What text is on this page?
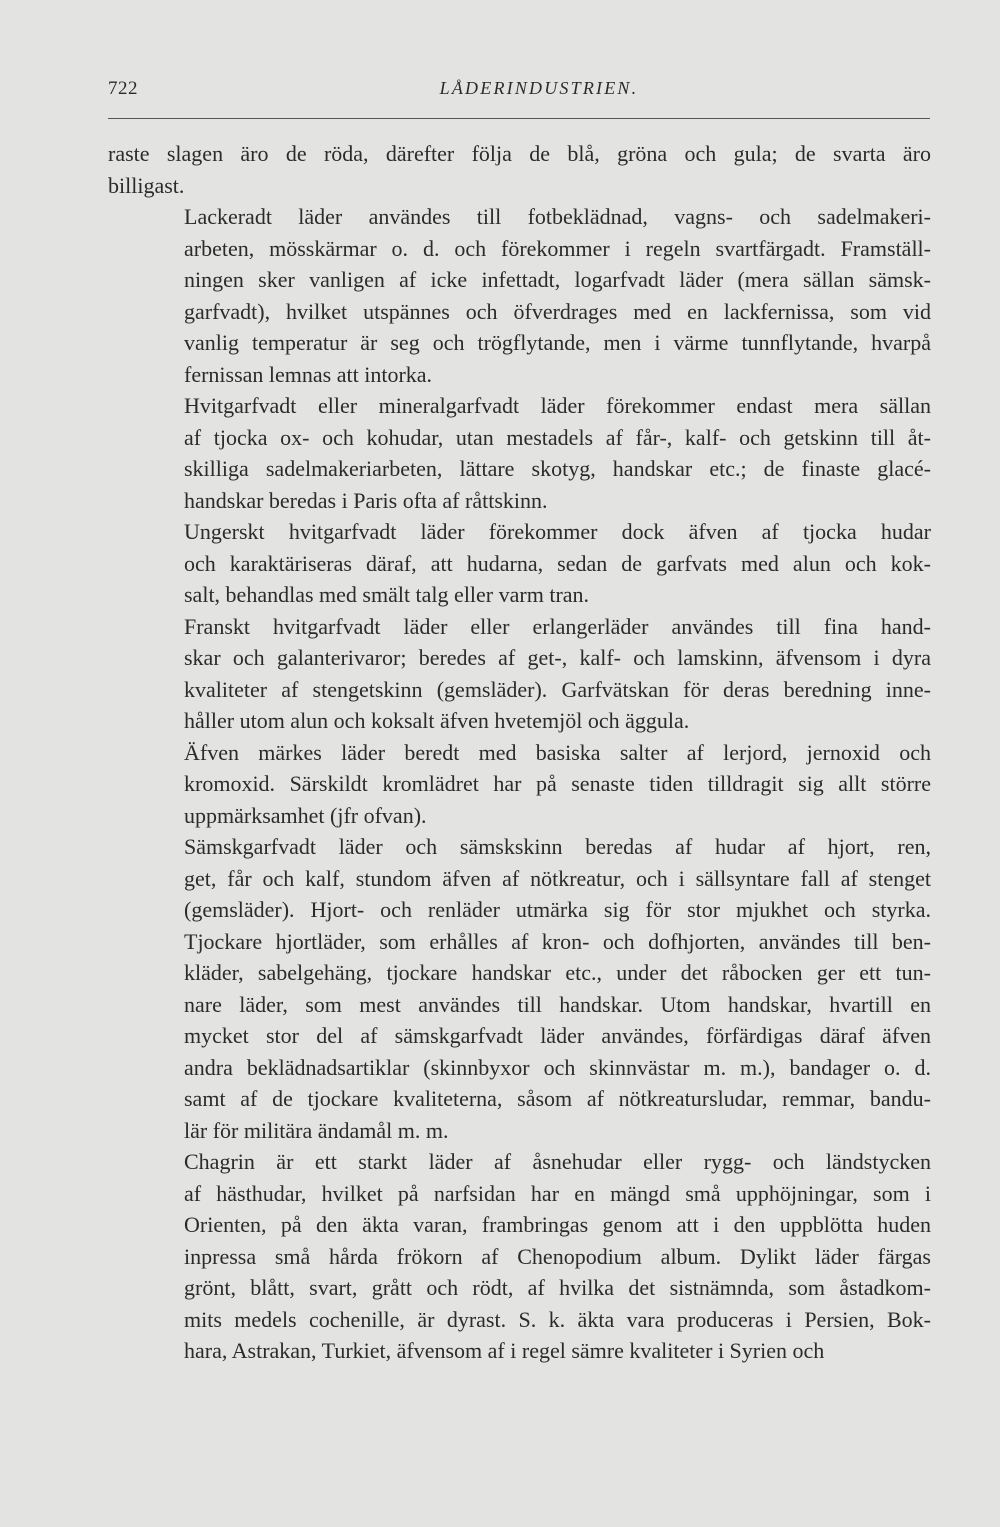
722	LÅDERINDUSTRIEN.

raste slagen äro de röda, därefter följa de blå, gröna och gula; de svarta äro
billigast.

Lackeradt läder användes till fotbeklädnad, vagns- och sadelmakeri-
arbeten, mösskärmar o. d. och förekommer i regeln svartfärgadt. Framställ-
ningen sker vanligen af icke infettadt, logarfvadt läder (mera sällan sämsk-
garfvadt), hvilket utspännes och öfverdrages med en lackfernissa, som vid
vanlig temperatur är seg och trögflytande, men i värme tunnflytande, hvarpå
fernissan lemnas att intorka.

Hvitgarfvadt eller mineralgarfvadt läder förekommer endast mera sällan
af tjocka ox- och kohudar, utan mestadels af får-, kalf- och getskinn till åt-
skilliga sadelmakeriarbeten, lättare skotyg, handskar etc.; de finaste glacé-
handskar beredas i Paris ofta af råttskinn.

Ungerskt hvitgarfvadt läder förekommer dock äfven af tjocka hudar
och karaktäriseras däraf, att hudarna, sedan de garfvats med alun och kok-
salt, behandlas med smält talg eller varm tran.

Franskt hvitgarfvadt läder eller erlangerläder användes till fina hand-
skar och galanterivaror; beredes af get-, kalf- och lamskinn, äfvensom i dyra
kvaliteter af stengetskinn (gemsläder). Garfvätskan för deras beredning inne-
håller utom alun och koksalt äfven hvetemjöl och äggula.

Äfven märkes läder beredt med basiska salter af lerjord, jernoxid och
kromoxid. Särskildt kromlädret har på senaste tiden tilldragit sig allt större
uppmärksamhet (jfr ofvan).

Sämskgarfvadt läder och sämskskinn beredas af hudar af hjort, ren,
get, får och kalf, stundom äfven af nötkreatur, och i sällsyntare fall af stenget
(gemsläder). Hjort- och renläder utmärka sig för stor mjukhet och styrka.
Tjockare hjortläder, som erhålles af kron- och dofhjorten, användes till ben-
kläder, sabelgehäng, tjockare handskar etc., under det råbocken ger ett tun-
nare läder, som mest användes till handskar. Utom handskar, hvartill en
mycket stor del af sämskgarfvadt läder användes, förfärdigas däraf äfven
andra beklädnadsartiklar (skinnbyxor och skinnvästar m. m.), bandager o. d.
samt af de tjockare kvaliteterna, såsom af nötkreatursludar, remmar, bandu-
lär för militära ändamål m. m.

Chagrin är ett starkt läder af åsnehudar eller rygg- och ländstycken
af hästhudar, hvilket på narfsidan har en mängd små upphöjningar, som i
Orienten, på den äkta varan, frambringas genom att i den uppblötta huden
inpressa små hårda frökorn af Chenopodium album. Dylikt läder färgas
grönt, blått, svart, grått och rödt, af hvilka det sistnämnda, som åstadkom-
mits medels cochenille, är dyrast. S. k. äkta vara produceras i Persien, Bok-
hara, Astrakan, Turkiet, äfvensom af i regel sämre kvaliteter i Syrien och
